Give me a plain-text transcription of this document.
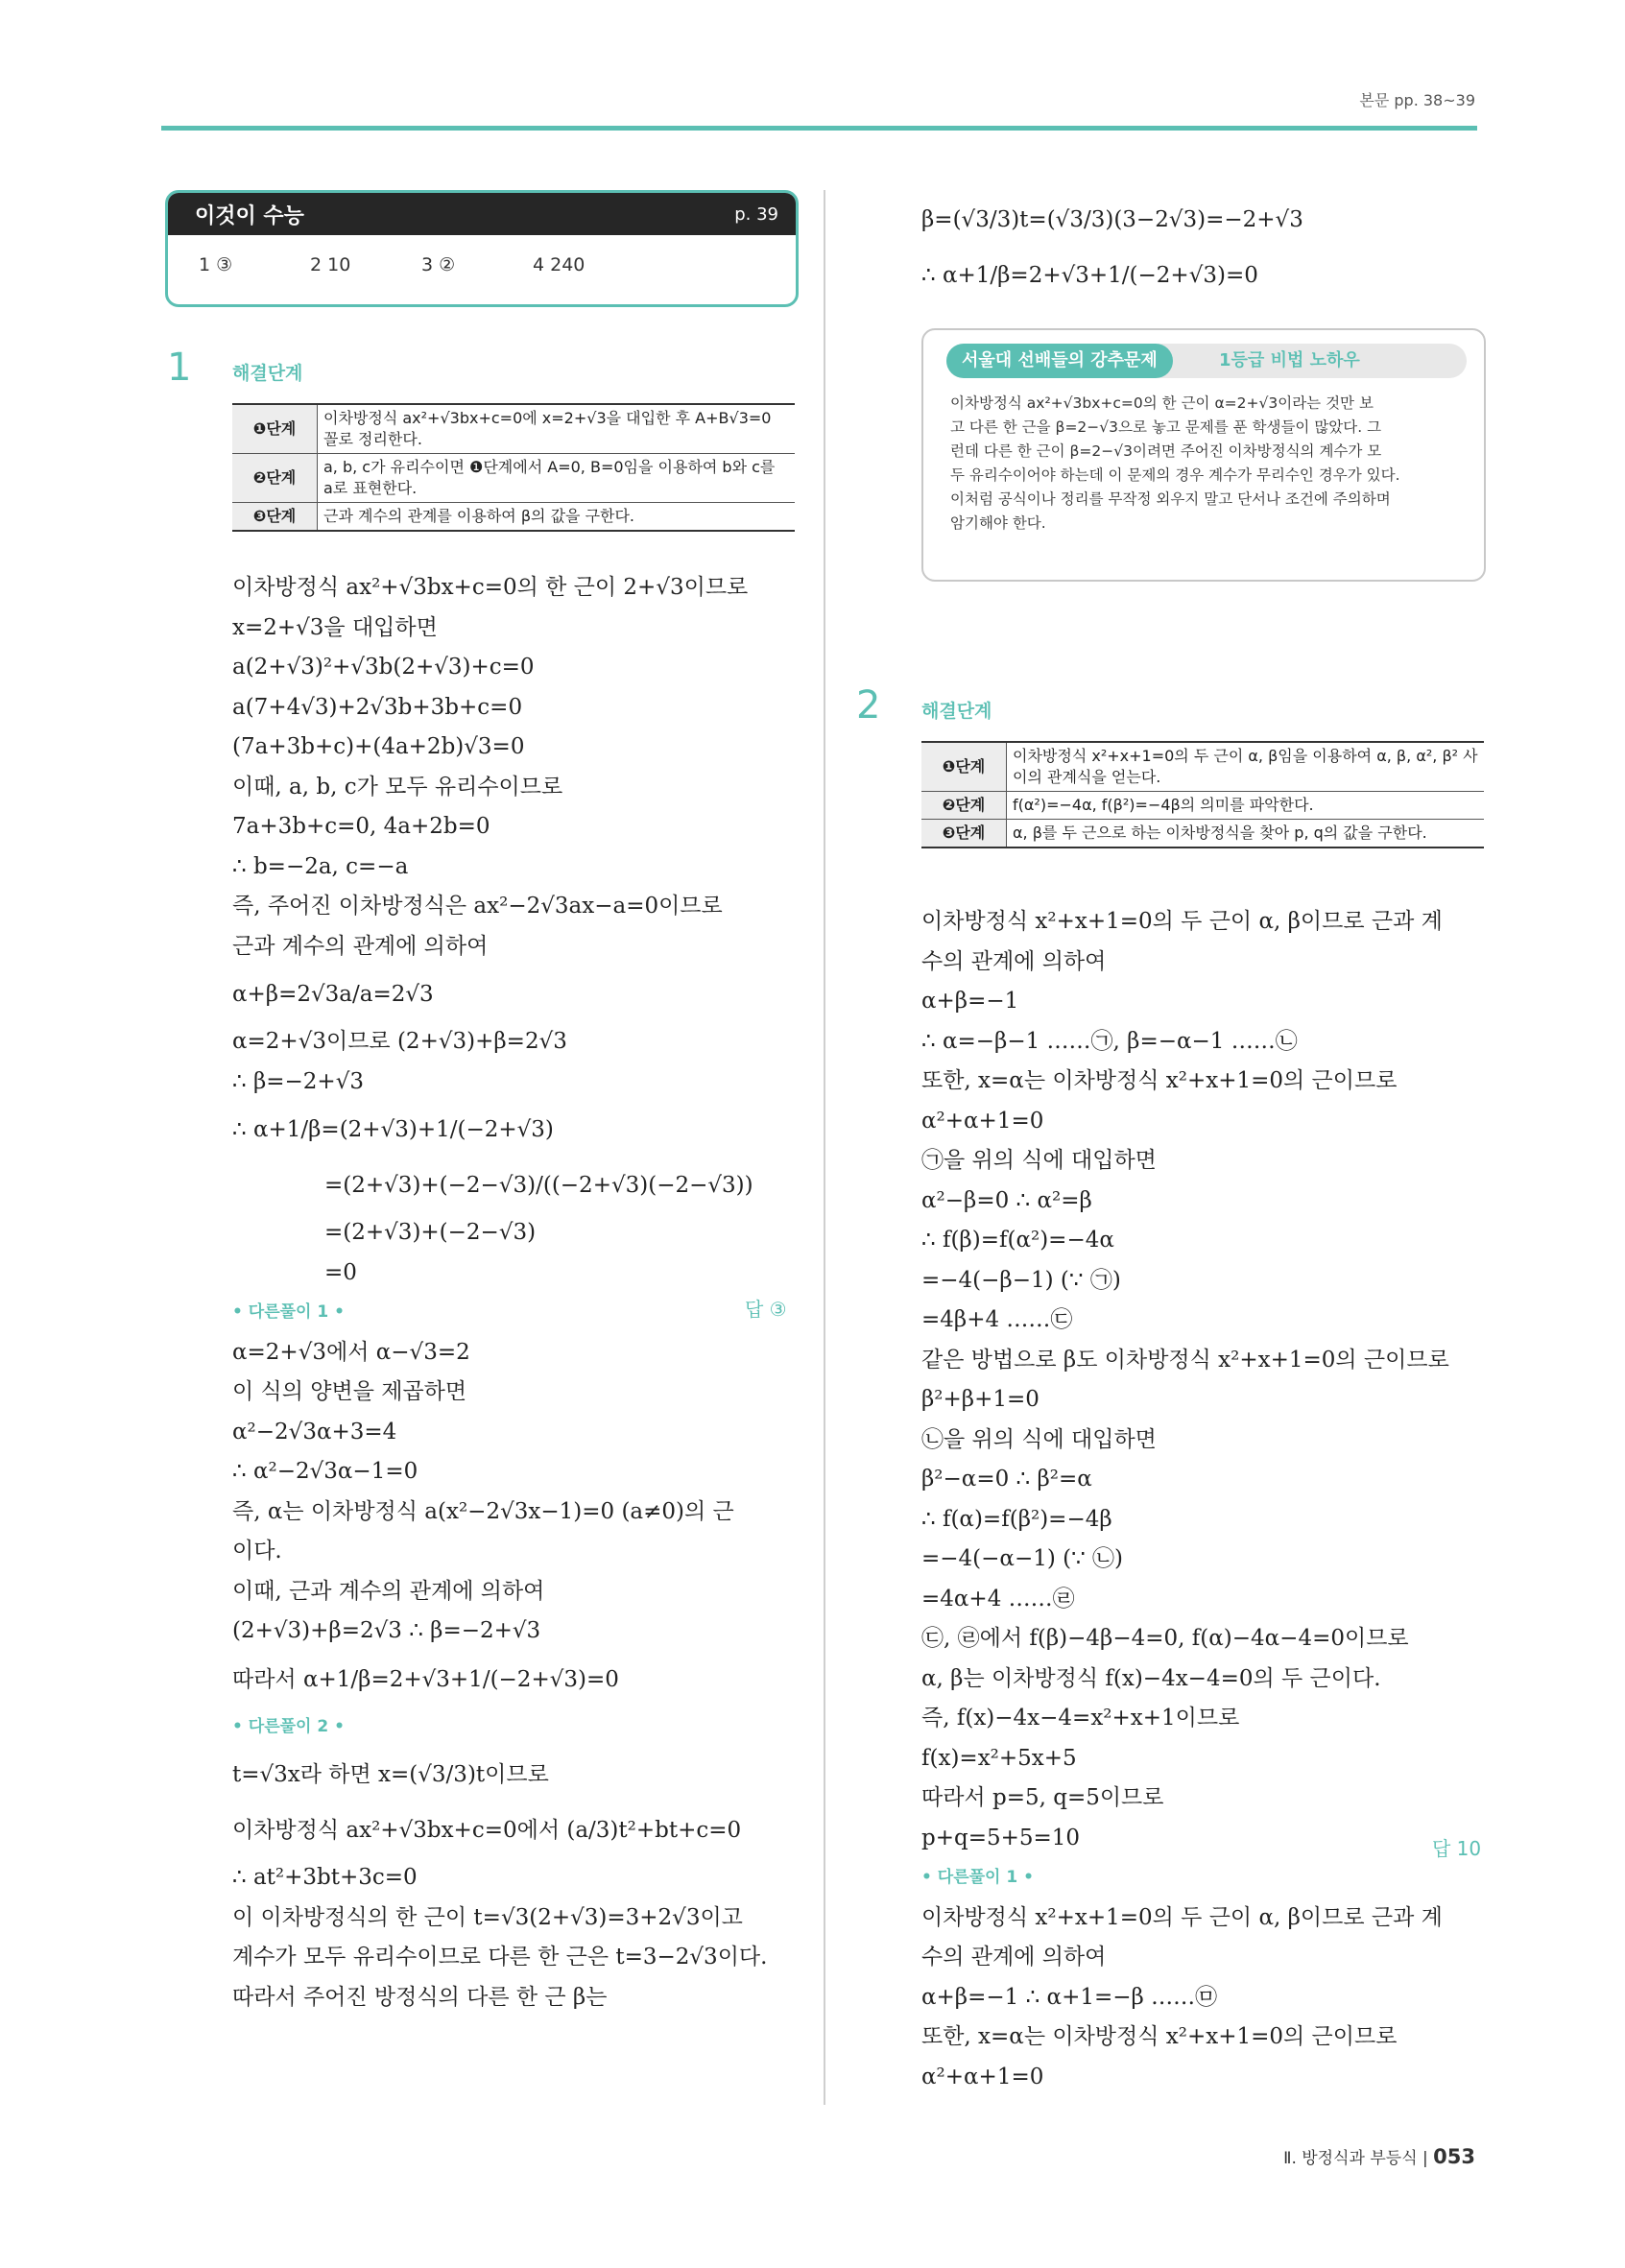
본문 pp. 38~39
이것이 수능	p. 39
1 ③	2 10	3 ②	4 240
1 해결단계
❶단계	이차방정식 ax²+√3bx+c=0에 x=2+√3을 대입한 후 A+B√3=0 꼴로 정리한다.
❷단계	a, b, c가 유리수이면 ❶단계에서 A=0, B=0임을 이용하여 b와 c를 a로 표현한다.
❸단계	근과 계수의 관계를 이용하여 β의 값을 구한다.
이차방정식 ax²+√3bx+c=0의 한 근이 2+√3이므로
x=2+√3을 대입하면
a(2+√3)²+√3b(2+√3)+c=0
a(7+4√3)+2√3b+3b+c=0
(7a+3b+c)+(4a+2b)√3=0
이때, a, b, c가 모두 유리수이므로
7a+3b+c=0, 4a+2b=0
∴ b=−2a, c=−a
즉, 주어진 이차방정식은 ax²−2√3ax−a=0이므로
근과 계수의 관계에 의하여
α+β=2√3a/a=2√3
α=2+√3이므로 (2+√3)+β=2√3
∴ β=−2+√3
∴ α+1/β=(2+√3)+1/(−2+√3)
=(2+√3)+(−2−√3)/((−2+√3)(−2−√3))
=(2+√3)+(−2−√3)
=0
• 다른풀이 1 •
α=2+√3에서 α−√3=2
이 식의 양변을 제곱하면
α²−2√3α+3=4
∴ α²−2√3α−1=0
즉, α는 이차방정식 a(x²−2√3x−1)=0 (a≠0)의 근
이다.
이때, 근과 계수의 관계에 의하여
(2+√3)+β=2√3 ∴ β=−2+√3
따라서 α+1/β=2+√3+1/(−2+√3)=0
• 다른풀이 2 •
t=√3x라 하면 x=(√3/3)t이므로
이차방정식 ax²+√3bx+c=0에서 (a/3)t²+bt+c=0
∴ at²+3bt+3c=0
이 이차방정식의 한 근이 t=√3(2+√3)=3+2√3이고
계수가 모두 유리수이므로 다른 한 근은 t=3−2√3이다.
따라서 주어진 방정식의 다른 한 근 β는
답 ③
β=(√3/3)t=(√3/3)(3−2√3)=−2+√3
∴ α+1/β=2+√3+1/(−2+√3)=0
서울대 선배들의 강추문제	1등급 비법 노하우
이차방정식 ax²+√3bx+c=0의 한 근이 α=2+√3이라는 것만 보
고 다른 한 근을 β=2−√3으로 놓고 문제를 푼 학생들이 많았다. 그
런데 다른 한 근이 β=2−√3이려면 주어진 이차방정식의 계수가 모
두 유리수이어야 하는데 이 문제의 경우 계수가 무리수인 경우가 있다.
이처럼 공식이나 정리를 무작정 외우지 말고 단서나 조건에 주의하며
암기해야 한다.
2 해결단계
❶단계	이차방정식 x²+x+1=0의 두 근이 α, β임을 이용하여 α, β, α², β² 사이의 관계식을 얻는다.
❷단계	f(α²)=−4α, f(β²)=−4β의 의미를 파악한다.
❸단계	α, β를 두 근으로 하는 이차방정식을 찾아 p, q의 값을 구한다.
이차방정식 x²+x+1=0의 두 근이 α, β이므로 근과 계
수의 관계에 의하여
α+β=−1
∴ α=−β−1 ……㉠, β=−α−1 ……㉡
또한, x=α는 이차방정식 x²+x+1=0의 근이므로
α²+α+1=0
㉠을 위의 식에 대입하면
α²−β=0 ∴ α²=β
∴ f(β)=f(α²)=−4α
=−4(−β−1) (∵ ㉠)
=4β+4 ……㉢
같은 방법으로 β도 이차방정식 x²+x+1=0의 근이므로
β²+β+1=0
㉡을 위의 식에 대입하면
β²−α=0 ∴ β²=α
∴ f(α)=f(β²)=−4β
=−4(−α−1) (∵ ㉡)
=4α+4 ……㉣
㉢, ㉣에서 f(β)−4β−4=0, f(α)−4α−4=0이므로
α, β는 이차방정식 f(x)−4x−4=0의 두 근이다.
즉, f(x)−4x−4=x²+x+1이므로
f(x)=x²+5x+5
따라서 p=5, q=5이므로
p+q=5+5=10
• 다른풀이 1 •
이차방정식 x²+x+1=0의 두 근이 α, β이므로 근과 계
수의 관계에 의하여
α+β=−1 ∴ α+1=−β ……㉤
또한, x=α는 이차방정식 x²+x+1=0의 근이므로
α²+α+1=0
답 10
Ⅱ. 방정식과 부등식 | 053
